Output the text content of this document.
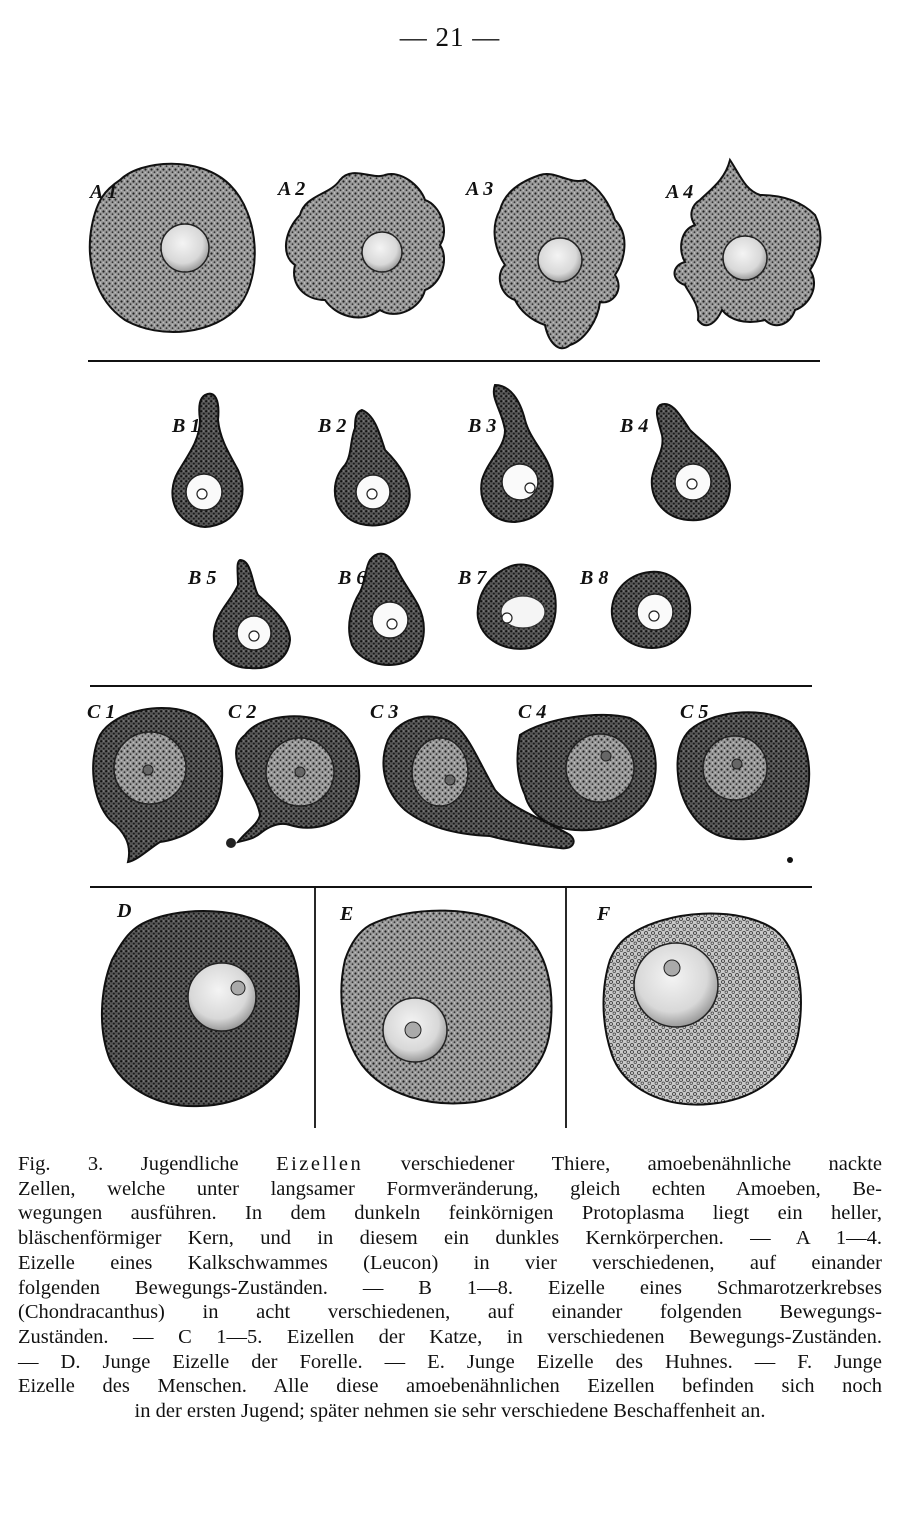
— 21 —
A 1	A 2	A 3	A 4
B 1	B 2	B 3	B 4
B 5	B 6	B 7	B 8
C 1	C 2	C 3	C 4	C 5
D	E	F
Fig. 3. Jugendliche Eizellen verschiedener Thiere, amoebenähnliche nackte
Zellen, welche unter langsamer Formveränderung, gleich echten Amoeben, Be-
wegungen ausführen. In dem dunkeln feinkörnigen Protoplasma liegt ein heller,
bläschenförmiger Kern, und in diesem ein dunkles Kernkörperchen. — A 1—4.
Eizelle eines Kalkschwammes (Leucon) in vier verschiedenen, auf einander
folgenden Bewegungs-Zuständen. — B 1—8. Eizelle eines Schmarotzerkrebses
(Chondracanthus) in acht verschiedenen, auf einander folgenden Bewegungs-
Zuständen. — C 1—5. Eizellen der Katze, in verschiedenen Bewegungs-Zuständen.
— D. Junge Eizelle der Forelle. — E. Junge Eizelle des Huhnes. — F. Junge
Eizelle des Menschen. Alle diese amoebenähnlichen Eizellen befinden sich noch
in der ersten Jugend; später nehmen sie sehr verschiedene Beschaffenheit an.
